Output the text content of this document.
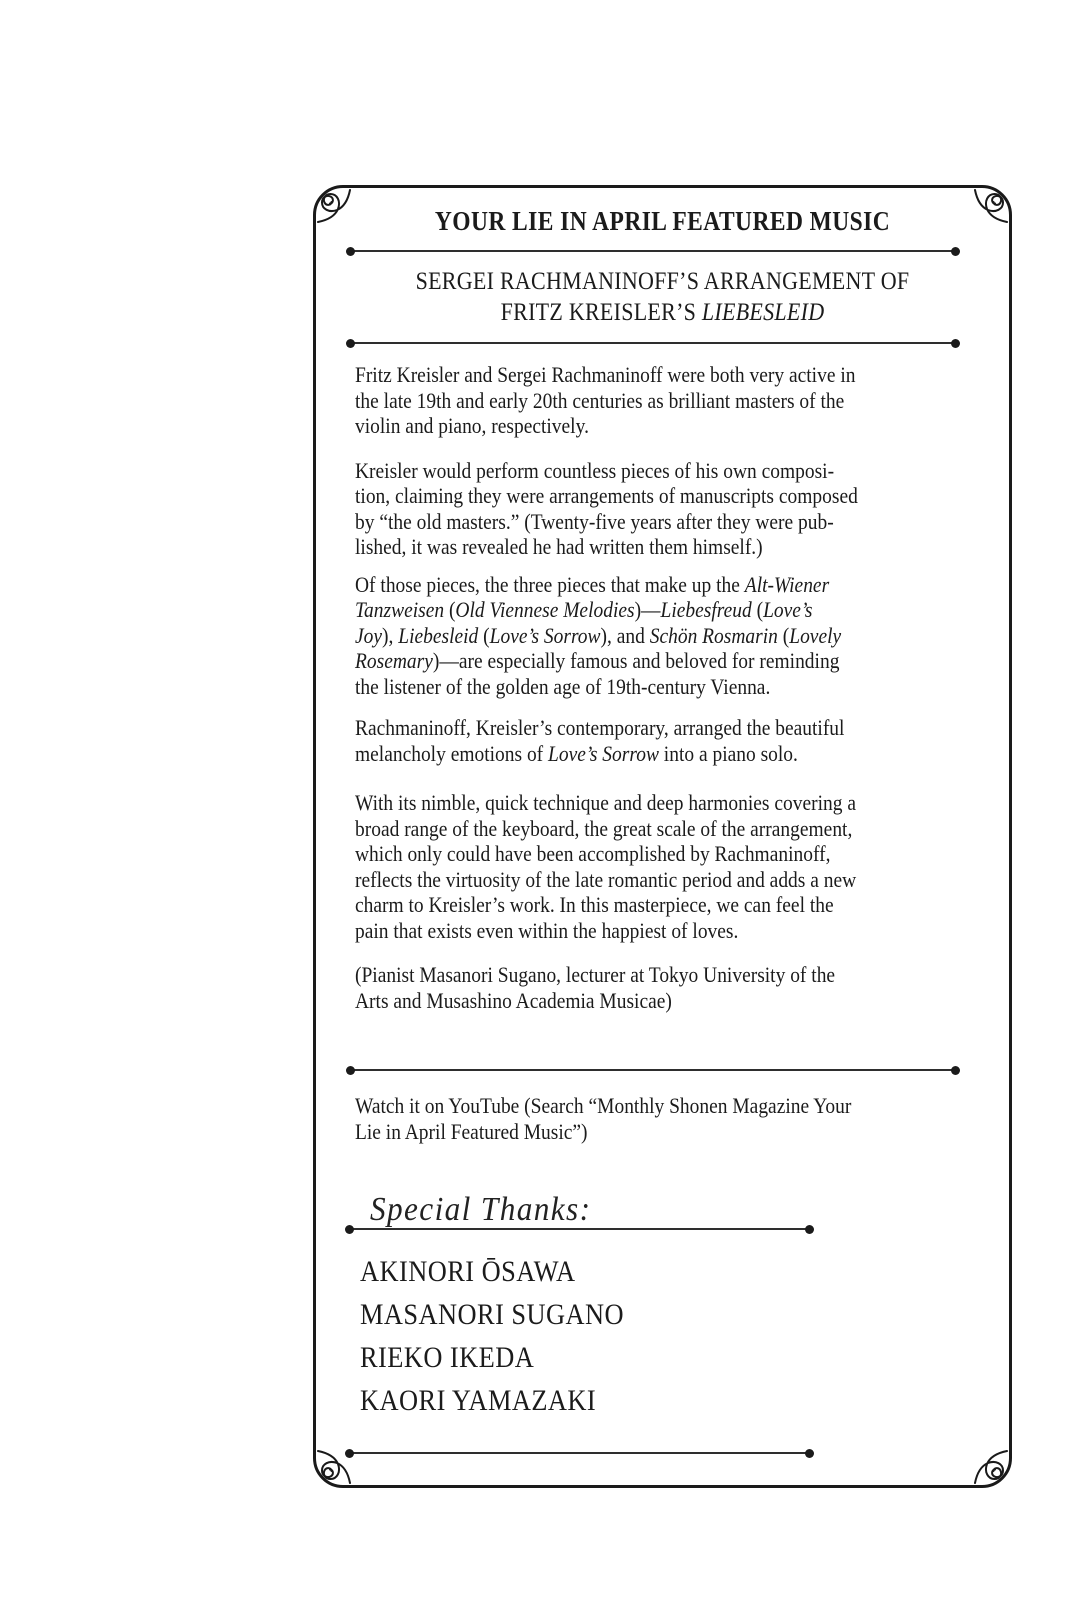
YOUR LIE IN APRIL FEATURED MUSIC
SERGEI RACHMANINOFF’S ARRANGEMENT OF
FRITZ KREISLER’S LIEBESLEID
Fritz Kreisler and Sergei Rachmaninoff were both very active in
the late 19th and early 20th centuries as brilliant masters of the
violin and piano, respectively.
Kreisler would perform countless pieces of his own composi-
tion, claiming they were arrangements of manuscripts composed
by “the old masters.” (Twenty-five years after they were pub-
lished, it was revealed he had written them himself.)
Of those pieces, the three pieces that make up the Alt-Wiener
Tanzweisen (Old Viennese Melodies)—Liebesfreud (Love’s
Joy), Liebesleid (Love’s Sorrow), and Schön Rosmarin (Lovely
Rosemary)—are especially famous and beloved for reminding
the listener of the golden age of 19th-century Vienna.
Rachmaninoff, Kreisler’s contemporary, arranged the beautiful
melancholy emotions of Love’s Sorrow into a piano solo.
With its nimble, quick technique and deep harmonies covering a
broad range of the keyboard, the great scale of the arrangement,
which only could have been accomplished by Rachmaninoff,
reflects the virtuosity of the late romantic period and adds a new
charm to Kreisler’s work. In this masterpiece, we can feel the
pain that exists even within the happiest of loves.
(Pianist Masanori Sugano, lecturer at Tokyo University of the
Arts and Musashino Academia Musicae)
Watch it on YouTube (Search “Monthly Shonen Magazine Your
Lie in April Featured Music”)
Special Thanks:
AKINORI ŌSAWA
MASANORI SUGANO
RIEKO IKEDA
KAORI YAMAZAKI
